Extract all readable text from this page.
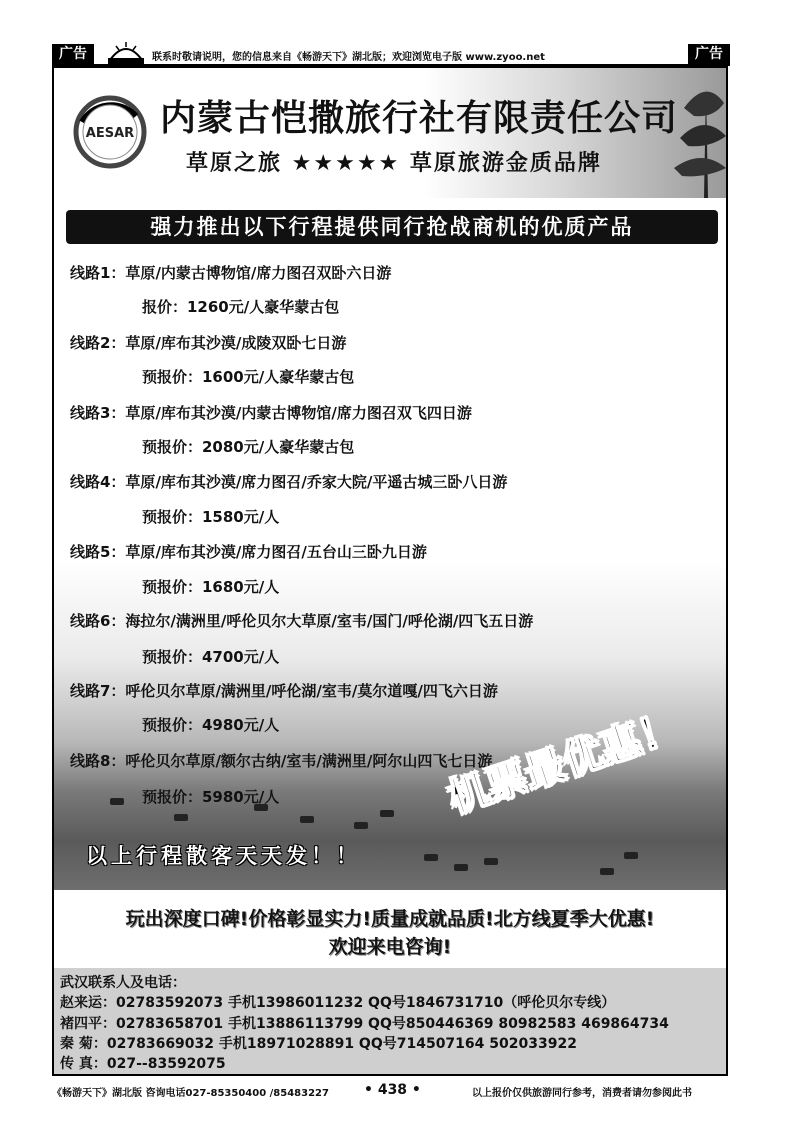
广告	联系时敬请说明，您的信息来自《畅游天下》湖北版；欢迎浏览电子版 www.zyoo.net	广告
AESAR 内蒙古恺撒旅行社有限责任公司
草原之旅 ★★★★★ 草原旅游金质品牌
强力推出以下行程提供同行抢战商机的优质产品
线路1：草原/内蒙古博物馆/席力图召双卧六日游
报价：1260元/人豪华蒙古包
线路2：草原/库布其沙漠/成陵双卧七日游
预报价：1600元/人豪华蒙古包
线路3：草原/库布其沙漠/内蒙古博物馆/席力图召双飞四日游
预报价：2080元/人豪华蒙古包
线路4：草原/库布其沙漠/席力图召/乔家大院/平遥古城三卧八日游
预报价：1580元/人
线路5：草原/库布其沙漠/席力图召/五台山三卧九日游
预报价：1680元/人
线路6：海拉尔/满洲里/呼伦贝尔大草原/室韦/国门/呼伦湖/四飞五日游
预报价：4700元/人
线路7：呼伦贝尔草原/满洲里/呼伦湖/室韦/莫尔道嘎/四飞六日游
预报价：4980元/人
线路8：呼伦贝尔草原/额尔古纳/室韦/满洲里/阿尔山四飞七日游
预报价：5980元/人	机票最优惠！
以上行程散客天天发！！
玩出深度口碑!价格彰显实力!质量成就品质!北方线夏季大优惠!
欢迎来电咨询!
武汉联系人及电话：
赵来运：02783592073 手机13986011232 QQ号1846731710（呼伦贝尔专线）
褚四平：02783658701 手机13886113799 QQ号850446369 80982583 469864734
秦 菊：02783669032 手机18971028891 QQ号714507164 502033922
传 真：027--83592075
《畅游天下》湖北版 咨询电话027-85350400 /85483227	• 438 •	以上报价仅供旅游同行参考，消费者请勿参阅此书
